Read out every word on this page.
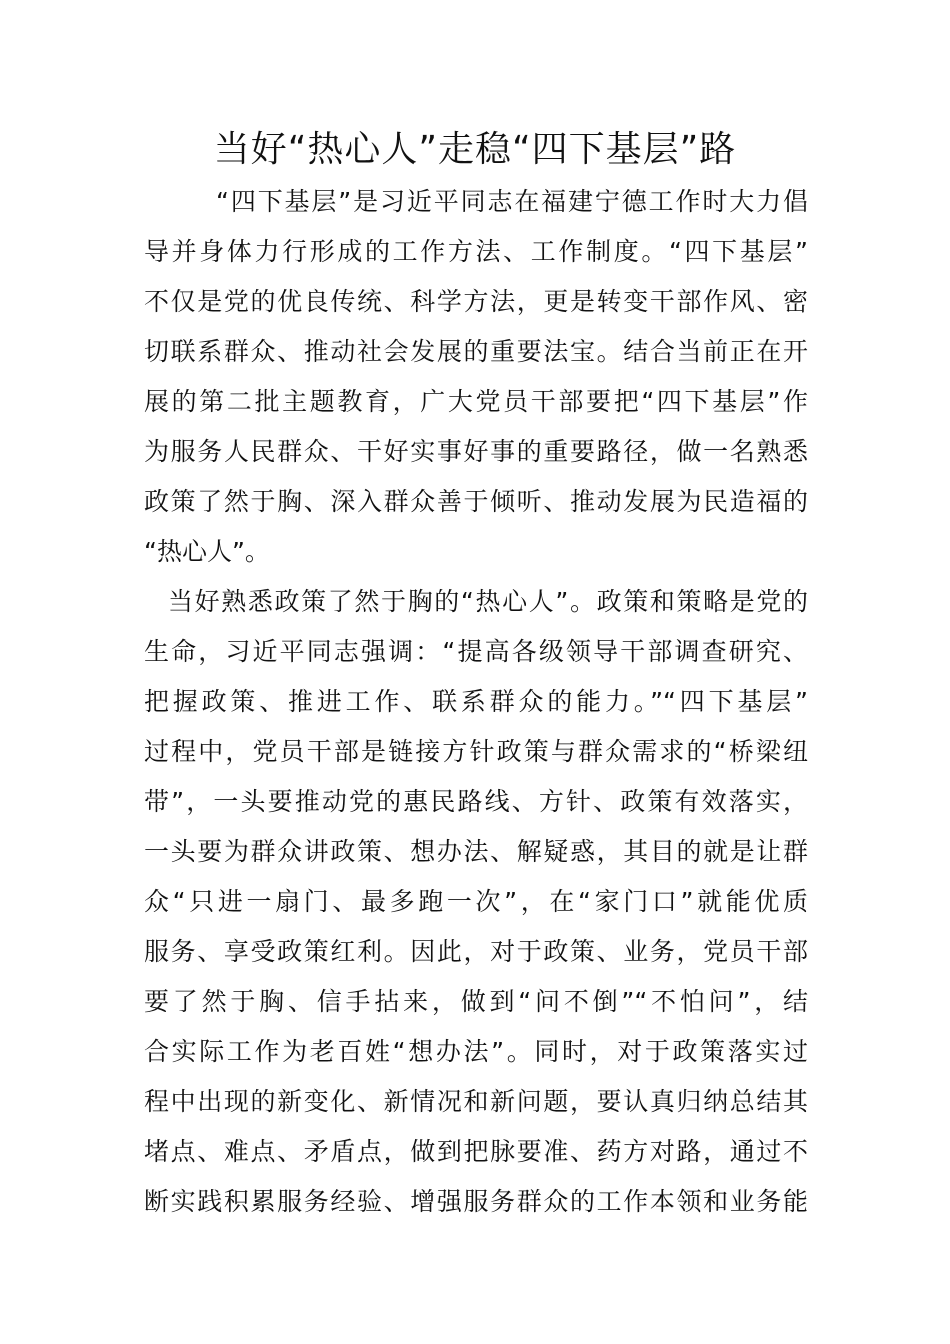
当好“热心人”走稳“四下基层”路
“四下基层”是习近平同志在福建宁德工作时大力倡
导并身体力行形成的工作方法、工作制度。“四下基层”
不仅是党的优良传统、科学方法，更是转变干部作风、密
切联系群众、推动社会发展的重要法宝。结合当前正在开
展的第二批主题教育，广大党员干部要把“四下基层”作
为服务人民群众、干好实事好事的重要路径，做一名熟悉
政策了然于胸、深入群众善于倾听、推动发展为民造福的
“热心人”。
当好熟悉政策了然于胸的“热心人”。政策和策略是党的
生命，习近平同志强调：“提高各级领导干部调查研究、
把握政策、推进工作、联系群众的能力。”“四下基层”
过程中，党员干部是链接方针政策与群众需求的“桥梁纽
带”，一头要推动党的惠民路线、方针、政策有效落实，
一头要为群众讲政策、想办法、解疑惑，其目的就是让群
众“只进一扇门、最多跑一次”，在“家门口”就能优质
服务、享受政策红利。因此，对于政策、业务，党员干部
要了然于胸、信手拈来，做到“问不倒”“不怕问”，结
合实际工作为老百姓“想办法”。同时，对于政策落实过
程中出现的新变化、新情况和新问题，要认真归纳总结其
堵点、难点、矛盾点，做到把脉要准、药方对路，通过不
断实践积累服务经验、增强服务群众的工作本领和业务能
